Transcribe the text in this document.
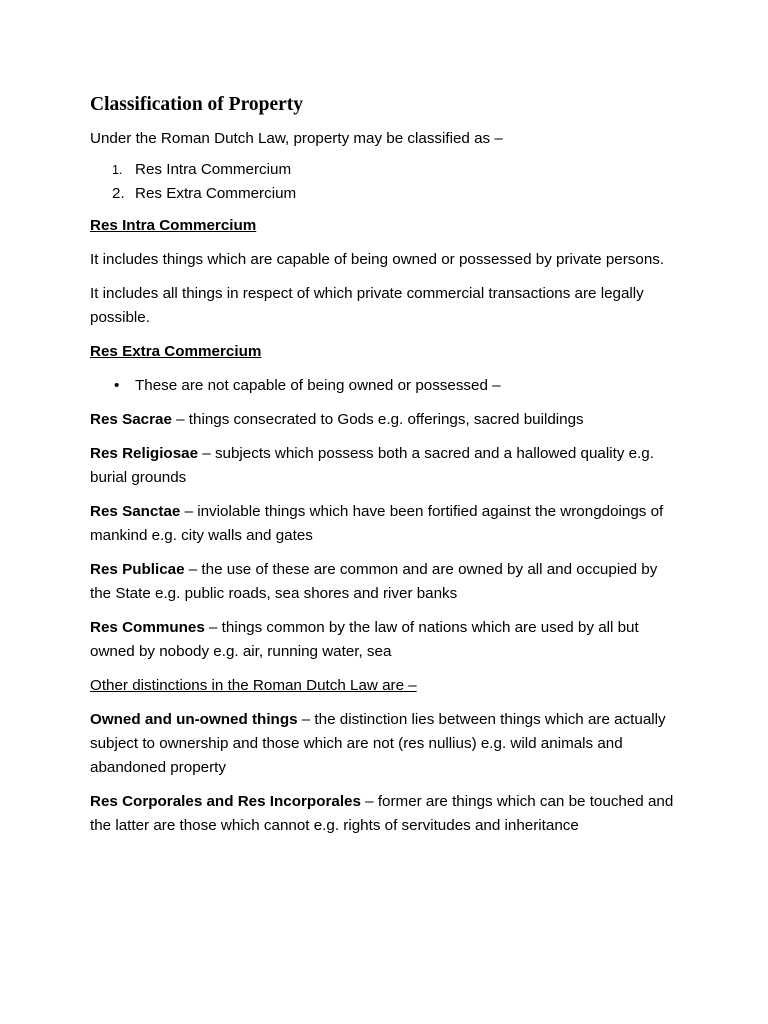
Classification of Property

Under the Roman Dutch Law, property may be classified as –

1. Res Intra Commercium
2. Res Extra Commercium

Res Intra Commercium

It includes things which are capable of being owned or possessed by private persons.

It includes all things in respect of which private commercial transactions are legally possible.

Res Extra Commercium

•	These are not capable of being owned or possessed –

Res Sacrae – things consecrated to Gods e.g. offerings, sacred buildings

Res Religiosae – subjects which possess both a sacred and a hallowed quality e.g. burial grounds

Res Sanctae – inviolable things which have been fortified against the wrongdoings of mankind e.g. city walls and gates

Res Publicae – the use of these are common and are owned by all and occupied by the State e.g. public roads, sea shores and river banks

Res Communes – things common by the law of nations which are used by all but owned by nobody e.g. air, running water, sea

Other distinctions in the Roman Dutch Law are –

Owned and un-owned things – the distinction lies between things which are actually subject to ownership and those which are not (res nullius) e.g. wild animals and abandoned property

Res Corporales and Res Incorporales – former are things which can be touched and the latter are those which cannot e.g. rights of servitudes and inheritance
